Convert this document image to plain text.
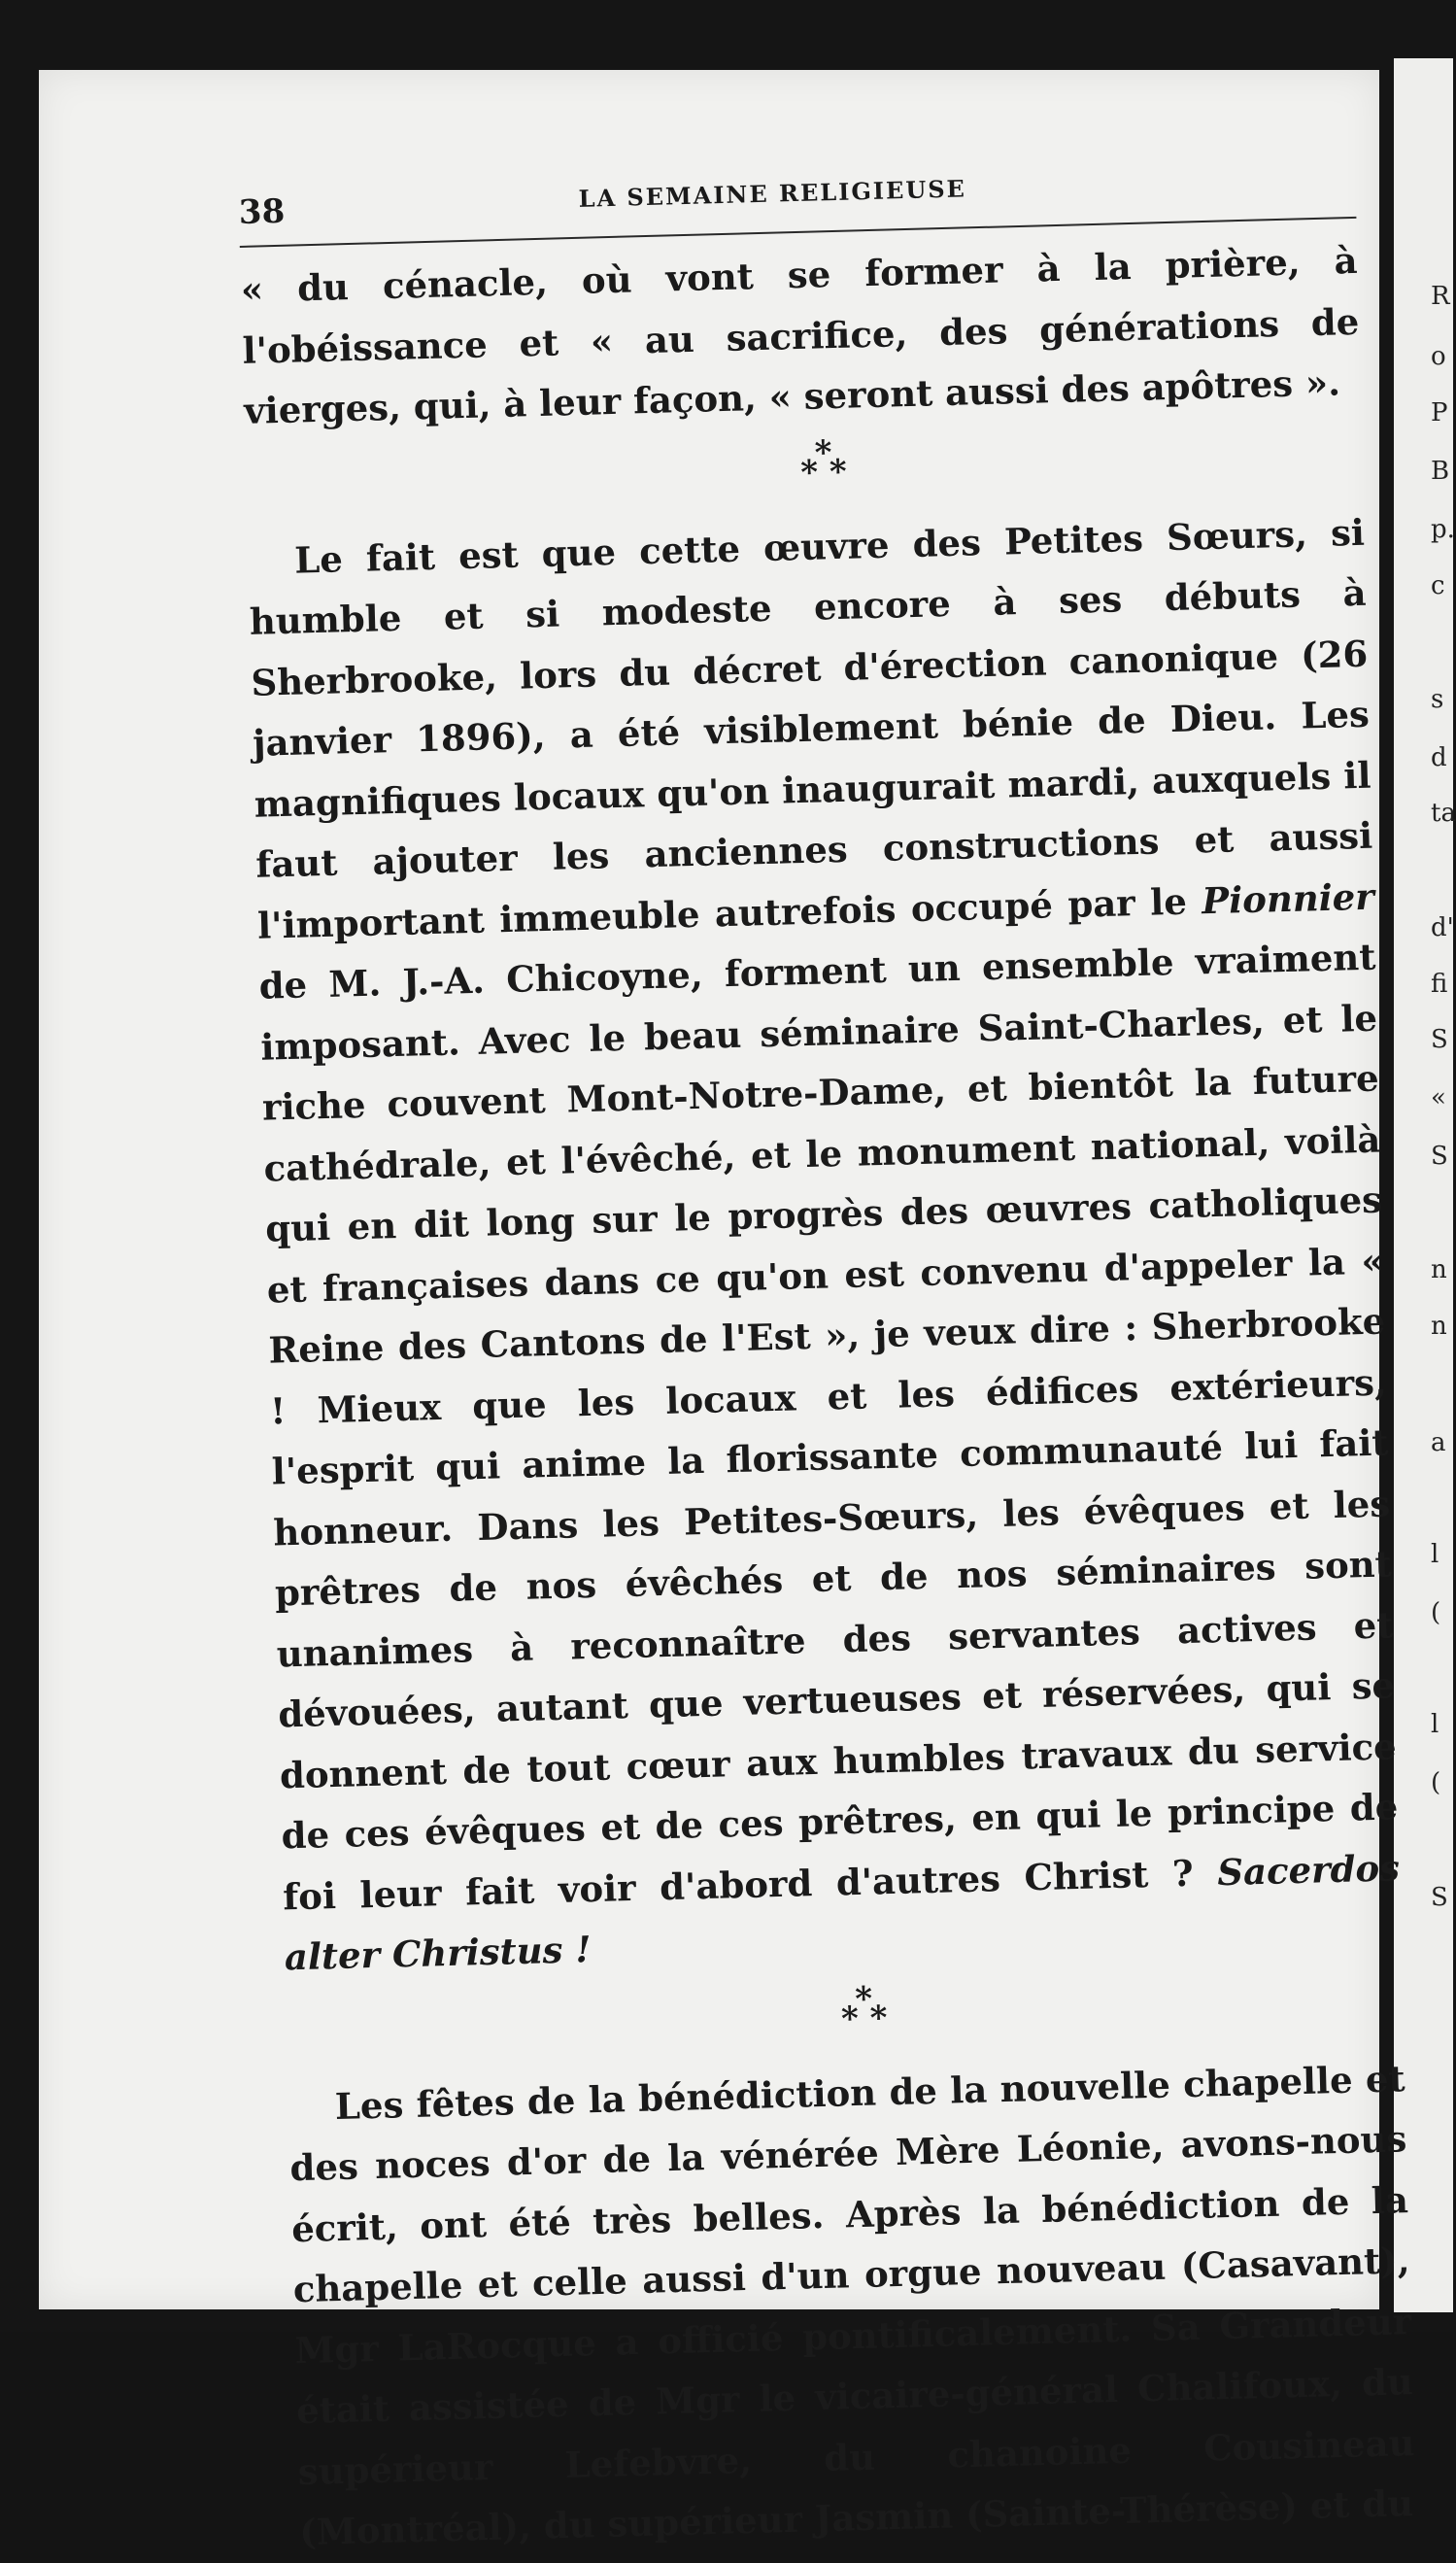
R
o
P
B
p.
c
s
d
ta
d'
fi
S
«
S
n
n
a
l
(
l
(
S
38	LA SEMAINE RELIGIEUSE

« du cénacle, où vont se former à la prière, à l'obéissance et « au sacrifice, des générations de vierges, qui, à leur façon, « seront aussi des apôtres ».

*
* *

Le fait est que cette œuvre des Petites Sœurs, si humble et si modeste encore à ses débuts à Sherbrooke, lors du décret d'érection canonique (26 janvier 1896), a été visiblement bénie de Dieu. Les magnifiques locaux qu'on inaugurait mardi, auxquels il faut ajouter les anciennes constructions et aussi l'important immeuble autrefois occupé par le Pionnier de M. J.-A. Chicoyne, forment un ensemble vraiment imposant. Avec le beau séminaire Saint-Charles, et le riche couvent Mont-Notre-Dame, et bientôt la future cathédrale, et l'évêché, et le monument national, voilà qui en dit long sur le progrès des œuvres catholiques et françaises dans ce qu'on est convenu d'appeler la « Reine des Cantons de l'Est », je veux dire : Sherbrooke ! Mieux que les locaux et les édifices extérieurs, l'esprit qui anime la florissante communauté lui fait honneur. Dans les Petites-Sœurs, les évêques et les prêtres de nos évêchés et de nos séminaires sont unanimes à reconnaître des servantes actives et dévouées, autant que vertueuses et réservées, qui se donnent de tout cœur aux humbles travaux du service de ces évêques et de ces prêtres, en qui le principe de foi leur fait voir d'abord d'autres Christ ? Sacerdos alter Christus !

*
* *

Les fêtes de la bénédiction de la nouvelle chapelle et des noces d'or de la vénérée Mère Léonie, avons-nous écrit, ont été très belles. Après la bénédiction de la chapelle et celle aussi d'un orgue nouveau (Casavant), Mgr LaRocque a officié pontificalement. Sa Grandeur était assistée de Mgr le vicaire-général Chalifoux, du supérieur Lefebvre, du chanoine Cousineau (Montréal), du supérieur Jasmin (Sainte-Thérèse) et du
